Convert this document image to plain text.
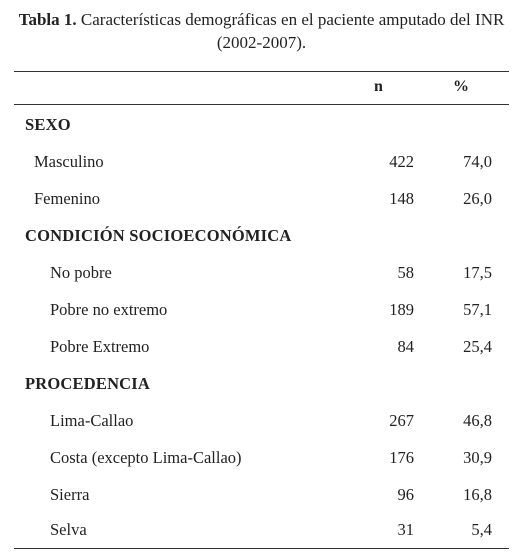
Tabla 1. Características demográficas en el paciente amputado del INR (2002-2007).
n	%
SEXO
Masculino	422	74,0
Femenino	148	26,0
CONDICIÓN SOCIOECONÓMICA
No pobre	58	17,5
Pobre no extremo	189	57,1
Pobre Extremo	84	25,4
PROCEDENCIA
Lima-Callao	267	46,8
Costa (excepto Lima-Callao)	176	30,9
Sierra	96	16,8
Selva	31	5,4
